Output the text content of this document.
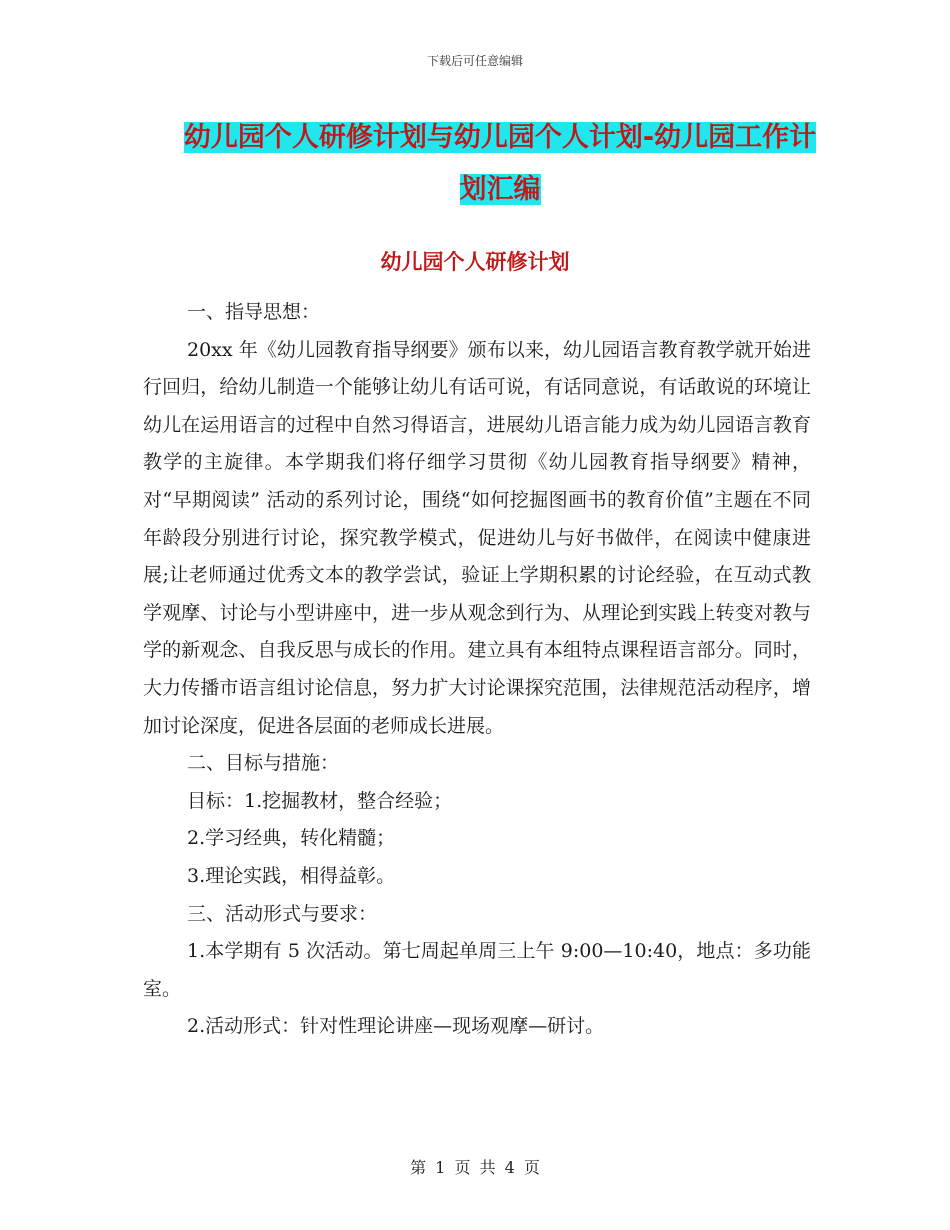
下载后可任意编辑
幼儿园个人研修计划与幼儿园个人计划-幼儿园工作计
划汇编
幼儿园个人研修计划

一、指导思想：

20xx 年《幼儿园教育指导纲要》颁布以来，幼儿园语言教育教学就开始进行回归，给幼儿制造一个能够让幼儿有话可说，有话同意说，有话敢说的环境让幼儿在运用语言的过程中自然习得语言，进展幼儿语言能力成为幼儿园语言教育教学的主旋律。本学期我们将仔细学习贯彻《幼儿园教育指导纲要》精神，对“早期阅读” 活动的系列讨论，围绕“如何挖掘图画书的教育价值”主题在不同年龄段分别进行讨论，探究教学模式，促进幼儿与好书做伴，在阅读中健康进展;让老师通过优秀文本的教学尝试，验证上学期积累的讨论经验，在互动式教学观摩、讨论与小型讲座中，进一步从观念到行为、从理论到实践上转变对教与学的新观念、自我反思与成长的作用。建立具有本组特点课程语言部分。同时，大力传播市语言组讨论信息，努力扩大讨论课探究范围，法律规范活动程序，增加讨论深度，促进各层面的老师成长进展。

二、目标与措施：

目标：1.挖掘教材，整合经验；

2.学习经典，转化精髓；

3.理论实践，相得益彰。

三、活动形式与要求：

1.本学期有 5 次活动。第七周起单周三上午 9:00—10:40，地点：多功能室。

2.活动形式：针对性理论讲座—现场观摩—研讨。

第 1 页 共 4 页
